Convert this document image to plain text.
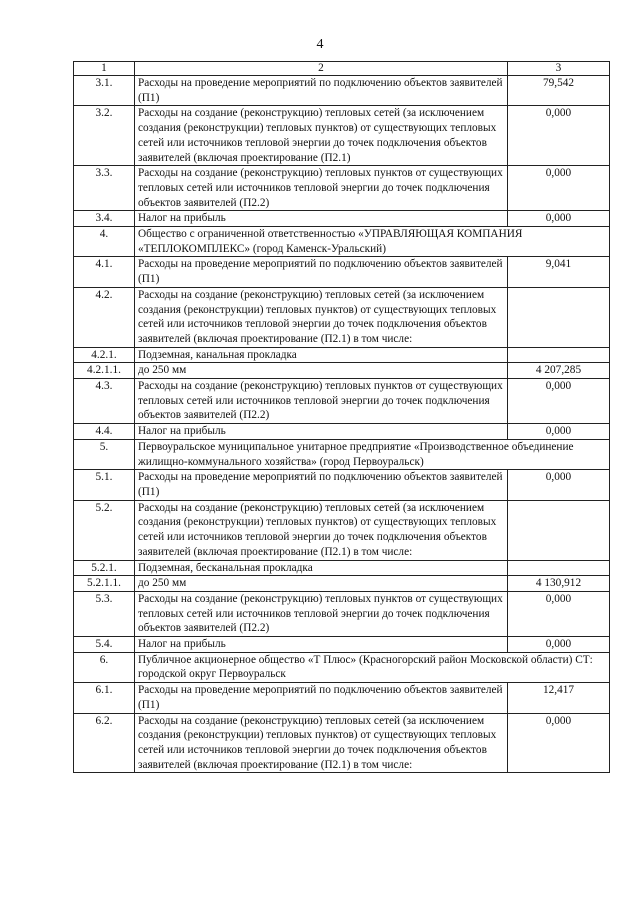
4
1	2	3
3.1.	Расходы на проведение мероприятий по подключению объектов заявителей (П1)	79,542
3.2.	Расходы на создание (реконструкцию) тепловых сетей (за исключением создания (реконструкции) тепловых пунктов) от существующих тепловых сетей или источников тепловой энергии до точек подключения объектов заявителей (включая проектирование (П2.1)	0,000
3.3.	Расходы на создание (реконструкцию) тепловых пунктов от существующих тепловых сетей или источников тепловой энергии до точек подключения объектов заявителей (П2.2)	0,000
3.4.	Налог на прибыль	0,000
4.	Общество с ограниченной ответственностью «УПРАВЛЯЮЩАЯ КОМПАНИЯ «ТЕПЛОКОМПЛЕКС» (город Каменск-Уральский)	
4.1.	Расходы на проведение мероприятий по подключению объектов заявителей (П1)	9,041
4.2.	Расходы на создание (реконструкцию) тепловых сетей (за исключением создания (реконструкции) тепловых пунктов) от существующих тепловых сетей или источников тепловой энергии до точек подключения объектов заявителей (включая проектирование (П2.1) в том числе:	
4.2.1.	Подземная, канальная прокладка	
4.2.1.1.	до 250 мм	4 207,285
4.3.	Расходы на создание (реконструкцию) тепловых пунктов от существующих тепловых сетей или источников тепловой энергии до точек подключения объектов заявителей (П2.2)	0,000
4.4.	Налог на прибыль	0,000
5.	Первоуральское муниципальное унитарное предприятие «Производственное объединение жилищно-коммунального хозяйства» (город Первоуральск)	
5.1.	Расходы на проведение мероприятий по подключению объектов заявителей (П1)	0,000
5.2.	Расходы на создание (реконструкцию) тепловых сетей (за исключением создания (реконструкции) тепловых пунктов) от существующих тепловых сетей или источников тепловой энергии до точек подключения объектов заявителей (включая проектирование (П2.1) в том числе:	
5.2.1.	Подземная, бесканальная прокладка	
5.2.1.1.	до 250 мм	4 130,912
5.3.	Расходы на создание (реконструкцию) тепловых пунктов от существующих тепловых сетей или источников тепловой энергии до точек подключения объектов заявителей (П2.2)	0,000
5.4.	Налог на прибыль	0,000
6.	Публичное акционерное общество «Т Плюс» (Красногорский район Московской области) СТ: городской округ Первоуральск	
6.1.	Расходы на проведение мероприятий по подключению объектов заявителей (П1)	12,417
6.2.	Расходы на создание (реконструкцию) тепловых сетей (за исключением создания (реконструкции) тепловых пунктов) от существующих тепловых сетей или источников тепловой энергии до точек подключения объектов заявителей (включая проектирование (П2.1) в том числе:	0,000
